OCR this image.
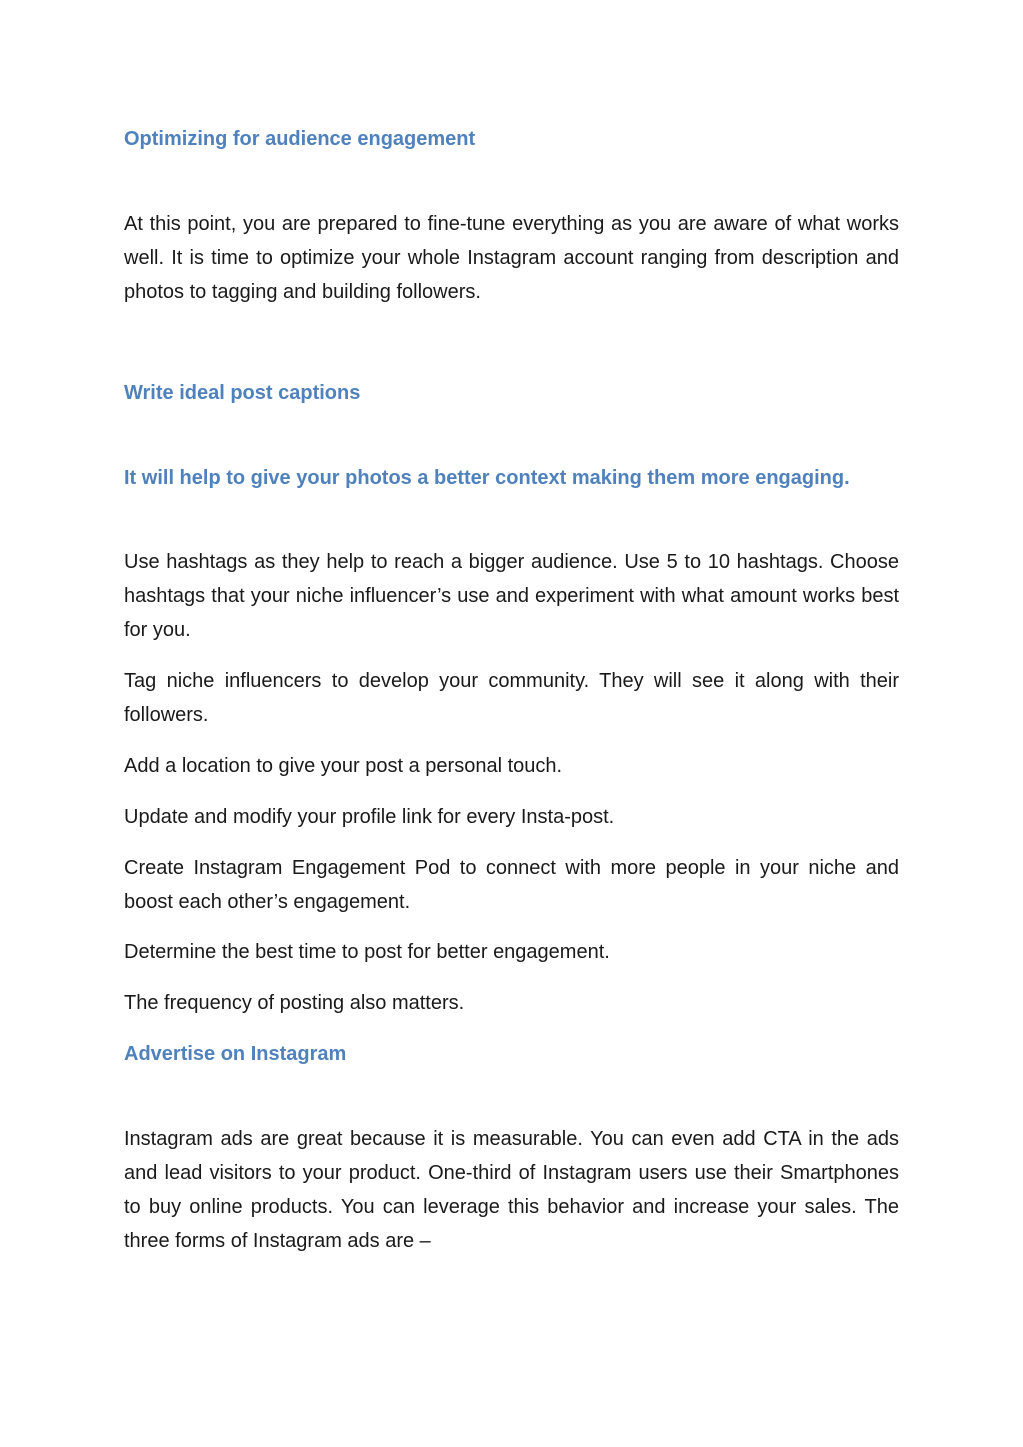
Optimizing for audience engagement

At this point, you are prepared to fine-tune everything as you are aware of what works well. It is time to optimize your whole Instagram account ranging from description and photos to tagging and building followers.

Write ideal post captions
It will help to give your photos a better context making them more engaging.

Use hashtags as they help to reach a bigger audience. Use 5 to 10 hashtags. Choose hashtags that your niche influencer’s use and experiment with what amount works best for you.

Tag niche influencers to develop your community. They will see it along with their followers.

Add a location to give your post a personal touch.

Update and modify your profile link for every Insta-post.

Create Instagram Engagement Pod to connect with more people in your niche and boost each other’s engagement.

Determine the best time to post for better engagement.

The frequency of posting also matters.

Advertise on Instagram

Instagram ads are great because it is measurable. You can even add CTA in the ads and lead visitors to your product. One-third of Instagram users use their Smartphones to buy online products. You can leverage this behavior and increase your sales. The three forms of Instagram ads are –
